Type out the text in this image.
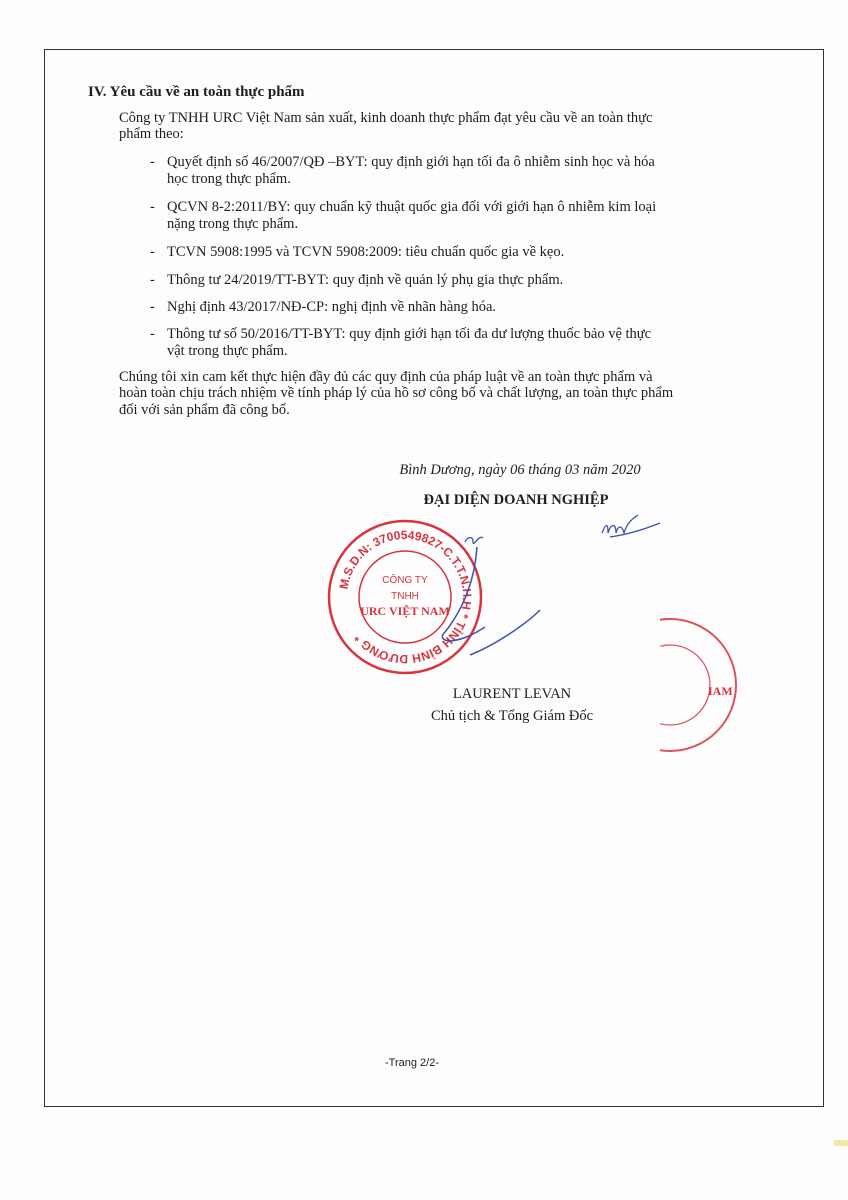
IV. Yêu cầu về an toàn thực phẩm
Công ty TNHH URC Việt Nam sản xuất, kinh doanh thực phẩm đạt yêu cầu về an toàn thực
phẩm theo:
- Quyết định số 46/2007/QĐ –BYT: quy định giới hạn tối đa ô nhiễm sinh học và hóa
học trong thực phẩm.
- QCVN 8-2:2011/BY: quy chuẩn kỹ thuật quốc gia đối với giới hạn ô nhiễm kim loại
nặng trong thực phẩm.
- TCVN 5908:1995 và TCVN 5908:2009: tiêu chuẩn quốc gia về kẹo.
- Thông tư 24/2019/TT-BYT: quy định về quản lý phụ gia thực phẩm.
- Nghị định 43/2017/NĐ-CP: nghị định về nhãn hàng hóa.
- Thông tư số 50/2016/TT-BYT: quy định giới hạn tối đa dư lượng thuốc bảo vệ thực
vật trong thực phẩm.
Chúng tôi xin cam kết thực hiện đầy đủ các quy định của pháp luật về an toàn thực phẩm và
hoàn toàn chịu trách nhiệm về tính pháp lý của hồ sơ công bố và chất lượng, an toàn thực phẩm
đối với sản phẩm đã công bố.
Bình Dương, ngày 06 tháng 03 năm 2020
ĐẠI DIỆN DOANH NGHIỆP
M.S.D.N: 3700549827-C.T.T.N.H.H * TỈNH BÌNH DƯƠNG *
CÔNG TY
TNHH
URC VIỆT NAM
IAM
LAURENT LEVAN
Chủ tịch & Tổng Giám Đốc
-Trang 2/2-
